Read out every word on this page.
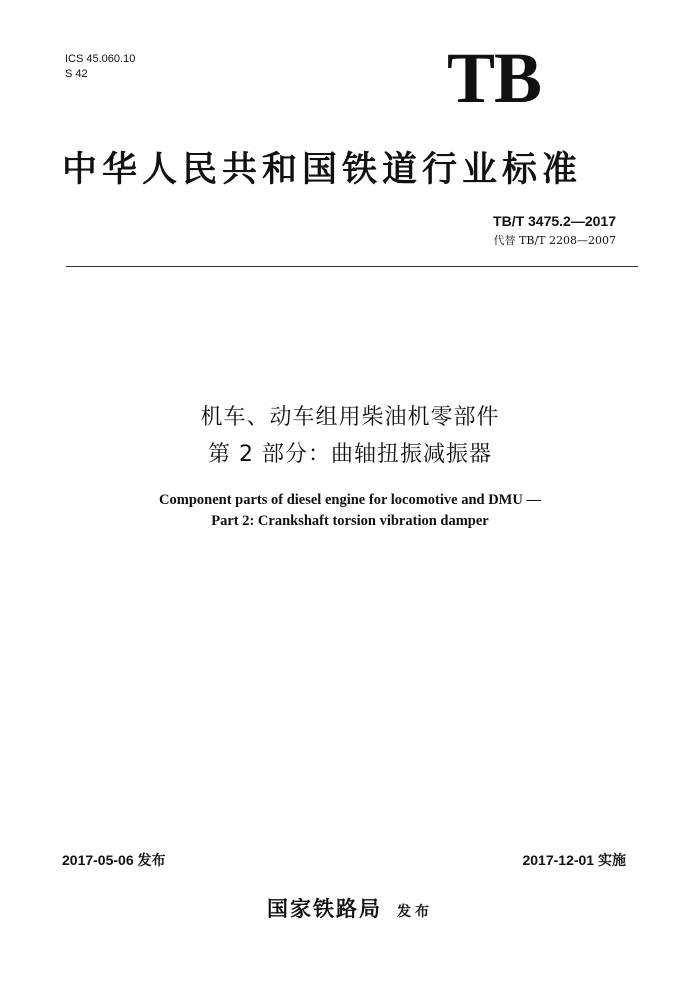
ICS 45.060.10
S 42	TB
中华人民共和国铁道行业标准
TB/T 3475.2—2017
代替 TB/T 2208—2007
机车、动车组用柴油机零部件
第 2 部分：曲轴扭振减振器
Component parts of diesel engine for locomotive and DMU —
Part 2: Crankshaft torsion vibration damper
2017-05-06 发布	2017-12-01 实施
国家铁路局 发布
